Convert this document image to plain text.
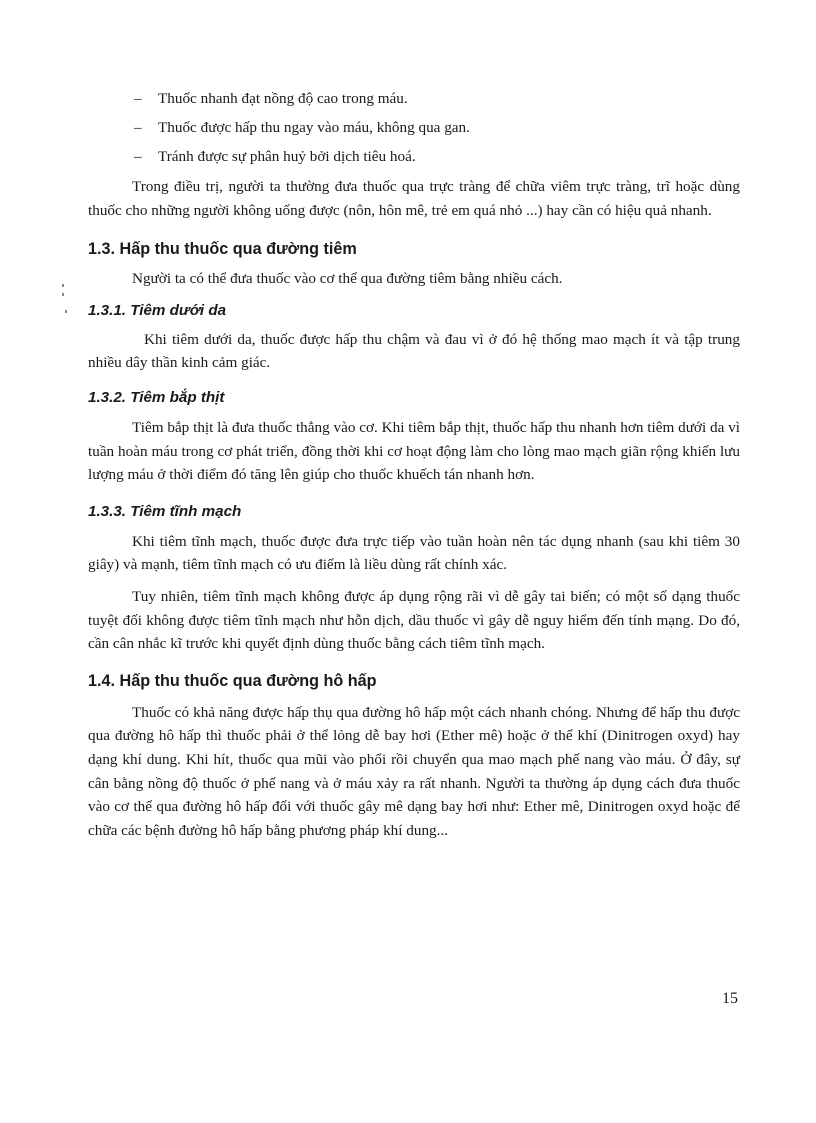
– Thuốc nhanh đạt nồng độ cao trong máu.
– Thuốc được hấp thu ngay vào máu, không qua gan.
– Tránh được sự phân huỷ bởi dịch tiêu hoá.

Trong điều trị, người ta thường đưa thuốc qua trực tràng để chữa viêm trực tràng, trĩ hoặc dùng thuốc cho những người không uống được (nôn, hôn mê, trẻ em quá nhỏ ...) hay cần có hiệu quả nhanh.

1.3. Hấp thu thuốc qua đường tiêm

Người ta có thể đưa thuốc vào cơ thể qua đường tiêm bằng nhiều cách.

1.3.1. Tiêm dưới da

Khi tiêm dưới da, thuốc được hấp thu chậm và đau vì ở đó hệ thống mao mạch ít và tập trung nhiều dây thần kinh cảm giác.

1.3.2. Tiêm bắp thịt

Tiêm bắp thịt là đưa thuốc thẳng vào cơ. Khi tiêm bắp thịt, thuốc hấp thu nhanh hơn tiêm dưới da vì tuần hoàn máu trong cơ phát triển, đồng thời khi cơ hoạt động làm cho lòng mao mạch giãn rộng khiến lưu lượng máu ở thời điểm đó tăng lên giúp cho thuốc khuếch tán nhanh hơn.

1.3.3. Tiêm tĩnh mạch

Khi tiêm tĩnh mạch, thuốc được đưa trực tiếp vào tuần hoàn nên tác dụng nhanh (sau khi tiêm 30 giây) và mạnh, tiêm tĩnh mạch có ưu điểm là liều dùng rất chính xác.

Tuy nhiên, tiêm tĩnh mạch không được áp dụng rộng rãi vì dễ gây tai biến; có một số dạng thuốc tuyệt đối không được tiêm tĩnh mạch như hỗn dịch, dầu thuốc vì gây dễ nguy hiểm đến tính mạng. Do đó, cần cân nhắc kĩ trước khi quyết định dùng thuốc bằng cách tiêm tĩnh mạch.

1.4. Hấp thu thuốc qua đường hô hấp

Thuốc có khả năng được hấp thụ qua đường hô hấp một cách nhanh chóng. Nhưng để hấp thu được qua đường hô hấp thì thuốc phải ở thể lỏng dễ bay hơi (Ether mê) hoặc ở thể khí (Dinitrogen oxyd) hay dạng khí dung. Khi hít, thuốc qua mũi vào phổi rồi chuyển qua mao mạch phế nang vào máu. Ở đây, sự cân bằng nồng độ thuốc ở phế nang và ở máu xảy ra rất nhanh. Người ta thường áp dụng cách đưa thuốc vào cơ thể qua đường hô hấp đối với thuốc gây mê dạng bay hơi như: Ether mê, Dinitrogen oxyd hoặc để chữa các bệnh đường hô hấp bằng phương pháp khí dung...

15
